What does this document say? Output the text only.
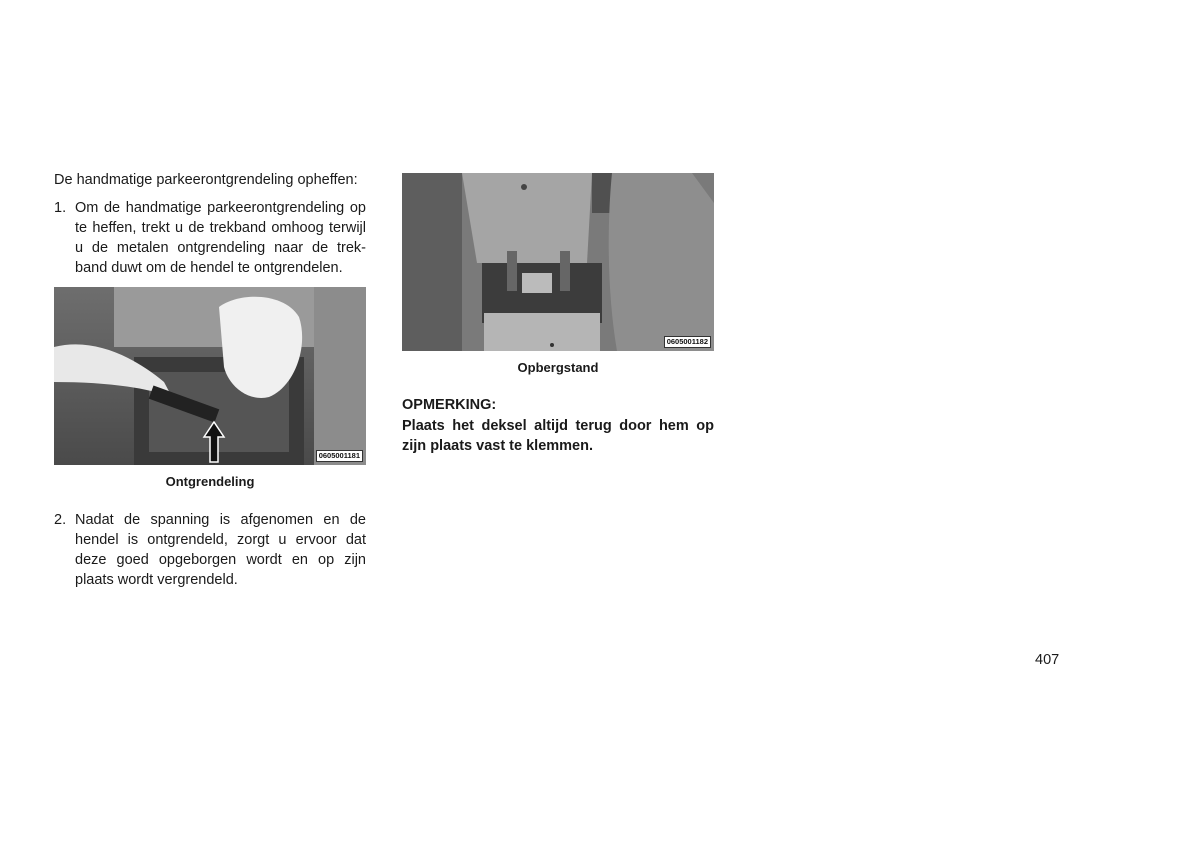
De handmatige parkeerontgrendeling opheffen:

1. Om de handmatige parkeerontgrendeling op te heffen, trekt u de trekband omhoog terwijl u de metalen ontgrendeling naar de trek-band duwt om de hendel te ontgrendelen.
0605001181

Ontgrendeling

2. Nadat de spanning is afgenomen en de hendel is ontgrendeld, zorgt u ervoor dat deze goed opgeborgen wordt en op zijn plaats wordt vergrendeld.
0605001182

Opbergstand

OPMERKING:

Plaats het deksel altijd terug door hem op zijn plaats vast te klemmen.

407
